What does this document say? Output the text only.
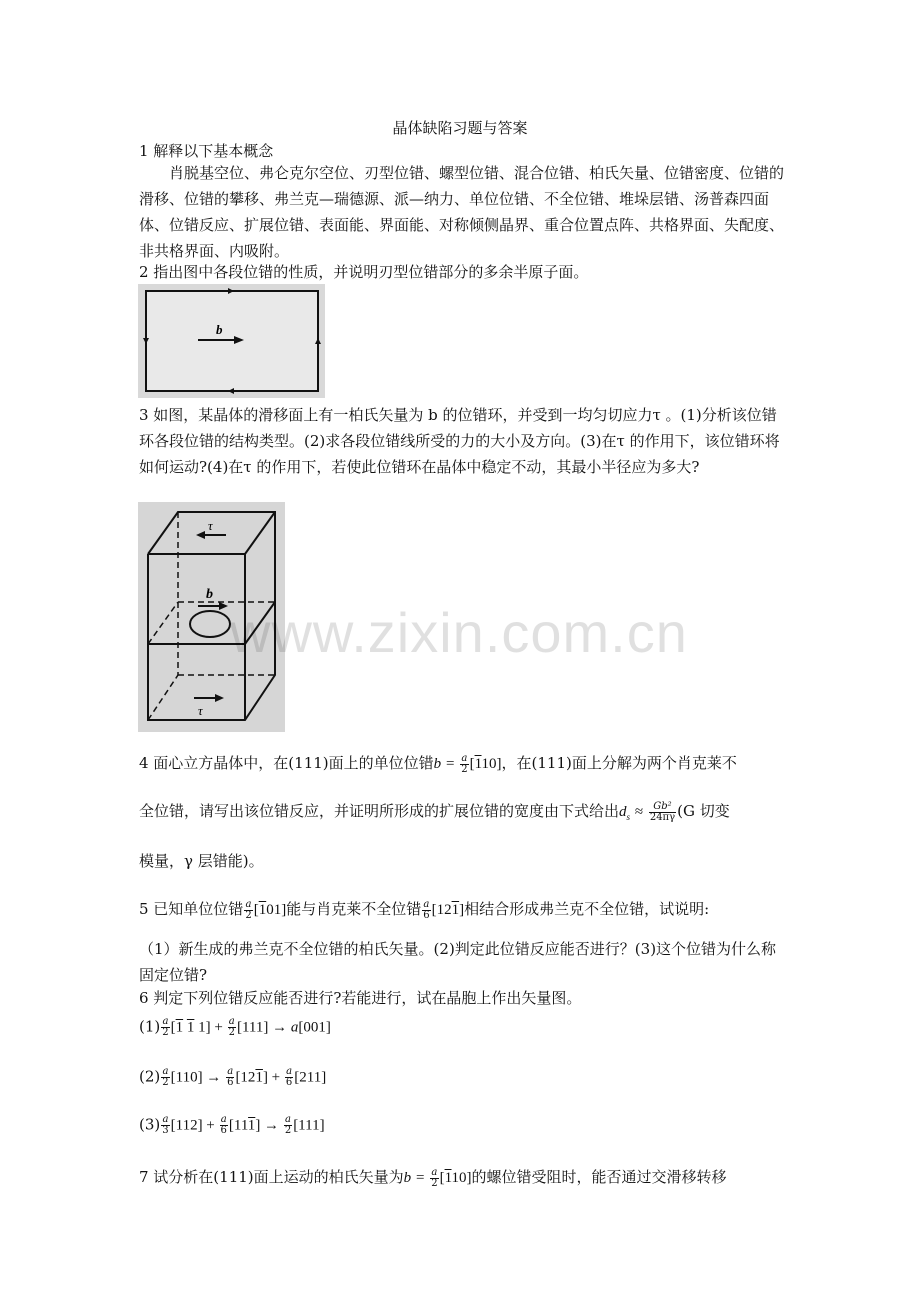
晶体缺陷习题与答案
1 解释以下基本概念
肖脱基空位、弗仑克尔空位、刃型位错、螺型位错、混合位错、柏氏矢量、位错密度、位错的滑移、位错的攀移、弗兰克—瑞德源、派—纳力、单位位错、不全位错、堆垛层错、汤普森四面体、位错反应、扩展位错、表面能、界面能、对称倾侧晶界、重合位置点阵、共格界面、失配度、非共格界面、内吸附。
2 指出图中各段位错的性质，并说明刃型位错部分的多余半原子面。
b
3 如图，某晶体的滑移面上有一柏氏矢量为 b 的位错环，并受到一均匀切应力τ 。(1)分析该位错环各段位错的结构类型。(2)求各段位错线所受的力的大小及方向。(3)在τ 的作用下，该位错环将如何运动?(4)在τ 的作用下，若使此位错环在晶体中稳定不动，其最小半径应为多大?
b
τ
τ
www.zixin.com.cn
4 面心立方晶体中，在(111)面上的单位位错$b = \frac{a}{2} [110]$，在(111)面上分解为两个肖克莱不
全位错，请写出该位错反应，并证明所形成的扩展位错的宽度由下式给出$d_s \approx \frac{\text{Gb²}}{24\pi\gamma} (G$ 切变
模量，γ 层错能)。
5 已知单位位错 $\frac{a}{2} [101]$能与肖克莱不全位错 $\frac{a}{6} [121]$相结合形成弗兰克不全位错，试说明:
（1）新生成的弗兰克不全位错的柏氏矢量。(2)判定此位错反应能否进行？(3)这个位错为什么称固定位错?
6 判定下列位错反应能否进行?若能进行，试在晶胞上作出矢量图。
$(1) \frac{a}{2} [1$ 1 $1] + \frac{a}{2} [111] \to a[001]$
$(2) \frac{a}{2} [110] \to \frac{a}{6} [121] + \frac{a}{6} [211]$
$(3) \frac{a}{3} [112] + \frac{a}{6} [111] \to \frac{a}{2} [111]$
7 试分析在(111)面上运动的柏氏矢量为$b = \frac{a}{2} [110]$的螺位错受阻时，能否通过交滑移转移
